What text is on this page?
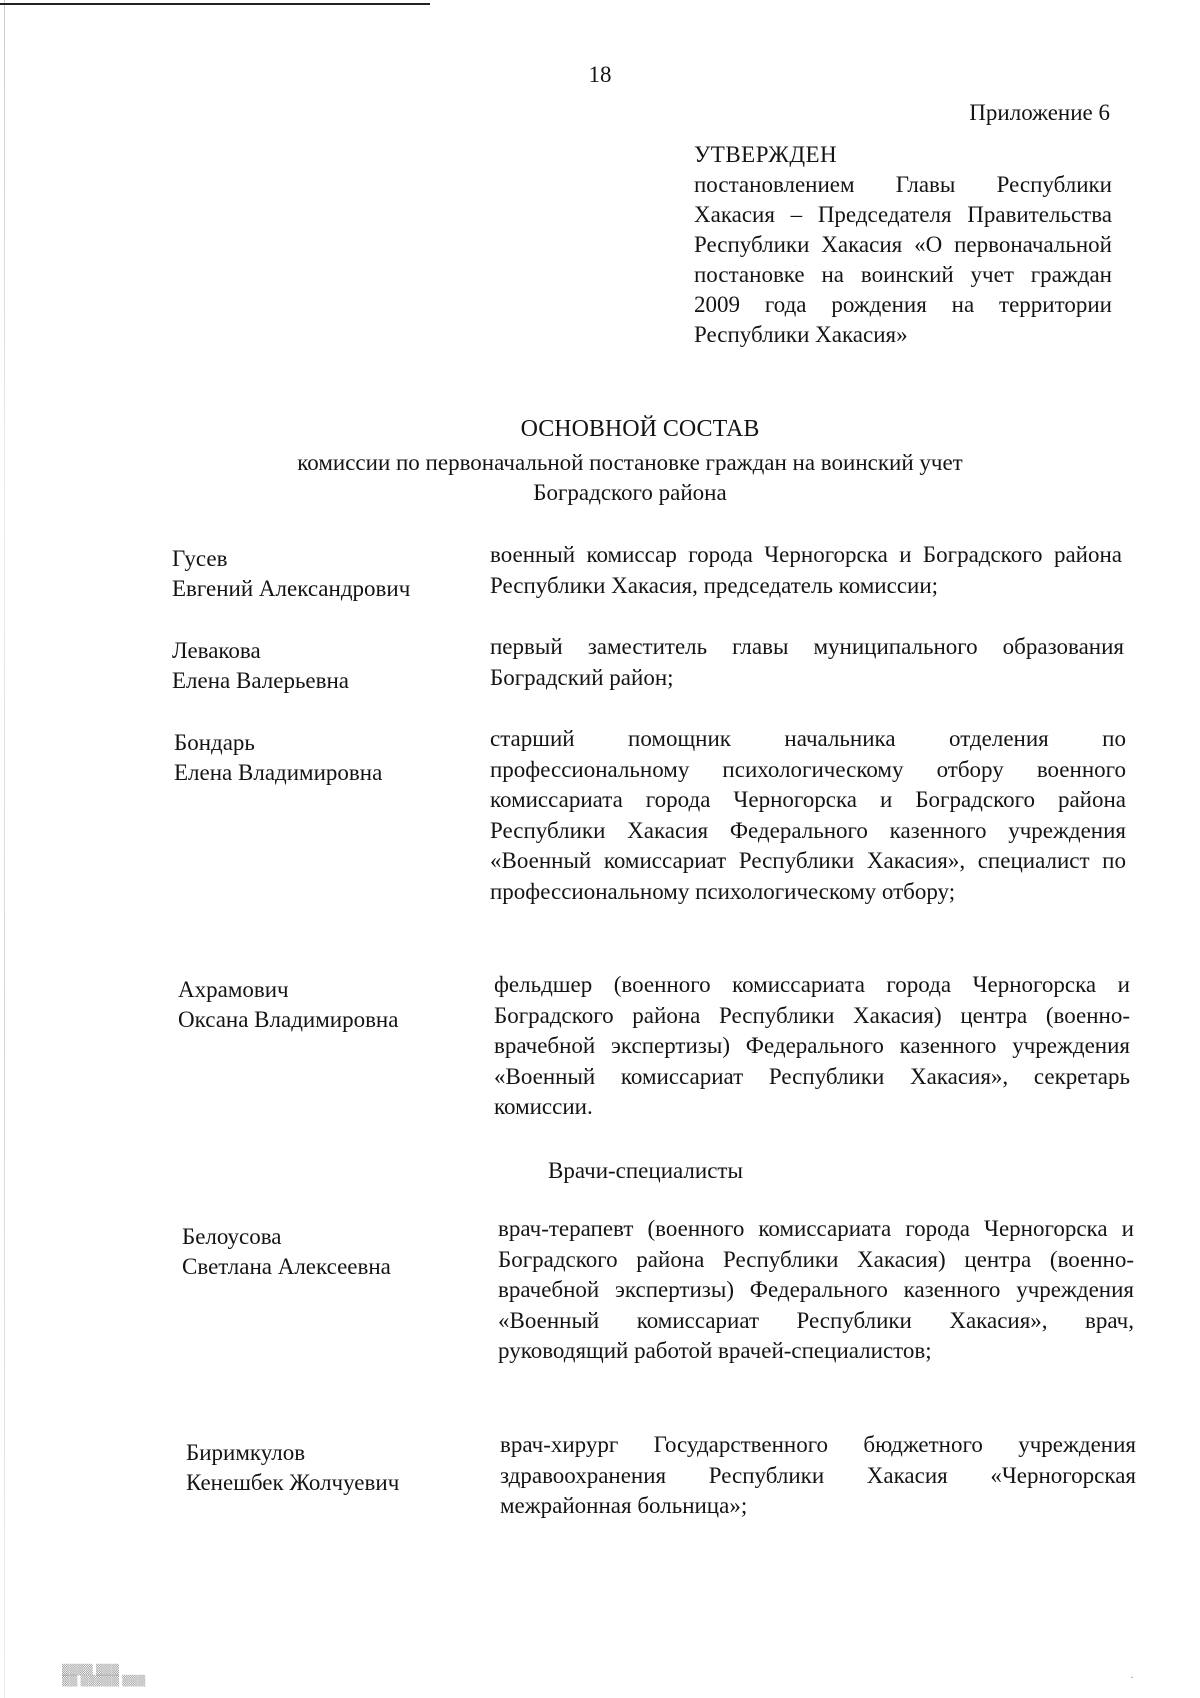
18
Приложение 6
УТВЕРЖДЕН
постановлением Главы Республики Хакасия – Председателя Правительства Республики Хакасия «О первоначальной постановке на воинский учет граждан 2009 года рождения на территории Республики Хакасия»
ОСНОВНОЙ СОСТАВ
комиссии по первоначальной постановке граждан на воинский учет
Боградского района
Гусев
Евгений Александрович
военный комиссар города Черногорска и Боградского района Республики Хакасия, председатель комиссии;
Левакова
Елена Валерьевна
первый заместитель главы муниципального образования Боградский район;
Бондарь
Елена Владимировна
старший помощник начальника отделения по профессиональному психологическому отбору военного комиссариата города Черногорска и Боградского района Республики Хакасия Федерального казенного учреждения «Военный комиссариат Республики Хакасия», специалист по профессиональному психологическому отбору;
Ахрамович
Оксана Владимировна
фельдшер (военного комиссариата города Черногорска и Боградского района Республики Хакасия) центра (военно-врачебной экспертизы) Федерального казенного учреждения «Военный комиссариат Республики Хакасия», секретарь комиссии.
Врачи-специалисты
Белоусова
Светлана Алексеевна
врач-терапевт (военного комиссариата города Черногорска и Боградского района Республики Хакасия) центра (военно-врачебной экспертизы) Федерального казенного учреждения «Военный комиссариат Республики Хакасия», врач, руководящий работой врачей-специалистов;
Биримкулов
Кенешбек Жолчуевич
врач-хирург Государственного бюджетного учреждения здравоохранения Республики Хакасия «Черногорская межрайонная больница»;
▒▒▒▒ ▒▒▒
▒▒ ▒▒▒▒▒ ▒▒▒	·
